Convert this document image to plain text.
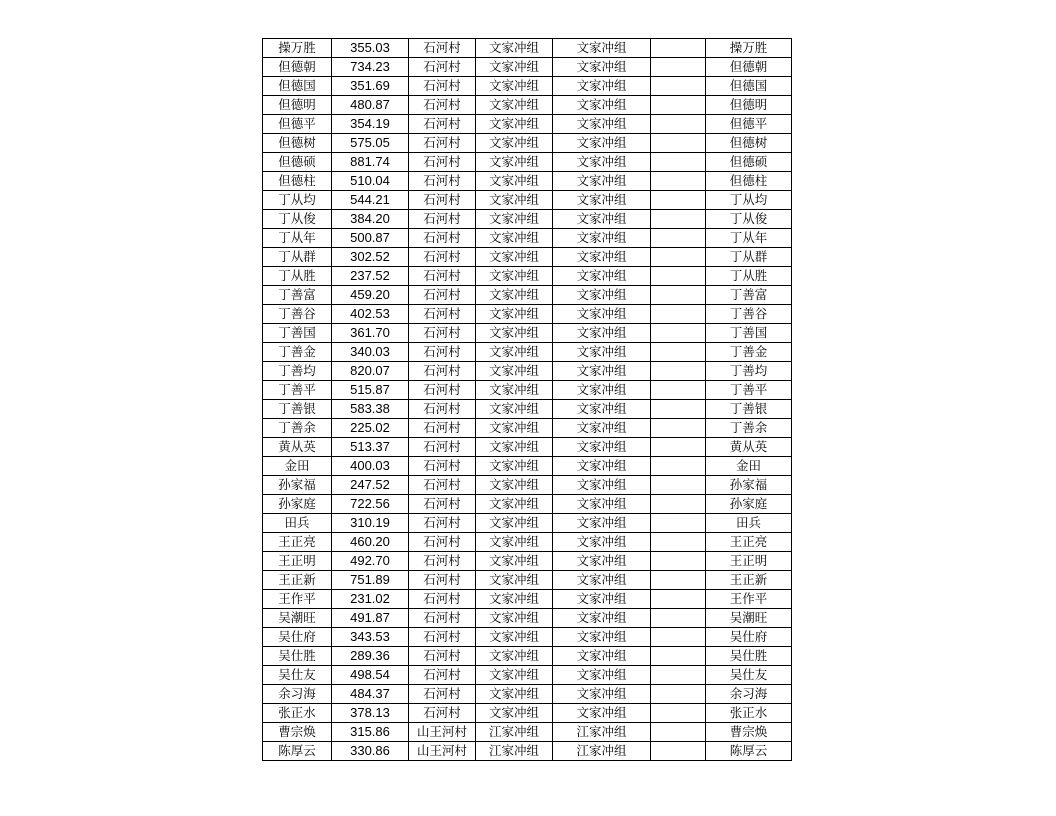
操万胜	355.03	石河村	文家冲组	文家冲组		操万胜
但德朝	734.23	石河村	文家冲组	文家冲组		但德朝
但德国	351.69	石河村	文家冲组	文家冲组		但德国
但德明	480.87	石河村	文家冲组	文家冲组		但德明
但德平	354.19	石河村	文家冲组	文家冲组		但德平
但德树	575.05	石河村	文家冲组	文家冲组		但德树
但德硕	881.74	石河村	文家冲组	文家冲组		但德硕
但德柱	510.04	石河村	文家冲组	文家冲组		但德柱
丁从均	544.21	石河村	文家冲组	文家冲组		丁从均
丁从俊	384.20	石河村	文家冲组	文家冲组		丁从俊
丁从年	500.87	石河村	文家冲组	文家冲组		丁从年
丁从群	302.52	石河村	文家冲组	文家冲组		丁从群
丁从胜	237.52	石河村	文家冲组	文家冲组		丁从胜
丁善富	459.20	石河村	文家冲组	文家冲组		丁善富
丁善谷	402.53	石河村	文家冲组	文家冲组		丁善谷
丁善国	361.70	石河村	文家冲组	文家冲组		丁善国
丁善金	340.03	石河村	文家冲组	文家冲组		丁善金
丁善均	820.07	石河村	文家冲组	文家冲组		丁善均
丁善平	515.87	石河村	文家冲组	文家冲组		丁善平
丁善银	583.38	石河村	文家冲组	文家冲组		丁善银
丁善余	225.02	石河村	文家冲组	文家冲组		丁善余
黄从英	513.37	石河村	文家冲组	文家冲组		黄从英
金田	400.03	石河村	文家冲组	文家冲组		金田
孙家福	247.52	石河村	文家冲组	文家冲组		孙家福
孙家庭	722.56	石河村	文家冲组	文家冲组		孙家庭
田兵	310.19	石河村	文家冲组	文家冲组		田兵
王正亮	460.20	石河村	文家冲组	文家冲组		王正亮
王正明	492.70	石河村	文家冲组	文家冲组		王正明
王正新	751.89	石河村	文家冲组	文家冲组		王正新
王作平	231.02	石河村	文家冲组	文家冲组		王作平
吴潮旺	491.87	石河村	文家冲组	文家冲组		吴潮旺
吴仕府	343.53	石河村	文家冲组	文家冲组		吴仕府
吴仕胜	289.36	石河村	文家冲组	文家冲组		吴仕胜
吴仕友	498.54	石河村	文家冲组	文家冲组		吴仕友
余习海	484.37	石河村	文家冲组	文家冲组		余习海
张正水	378.13	石河村	文家冲组	文家冲组		张正水
曹宗焕	315.86	山王河村	江家冲组	江家冲组		曹宗焕
陈厚云	330.86	山王河村	江家冲组	江家冲组		陈厚云
